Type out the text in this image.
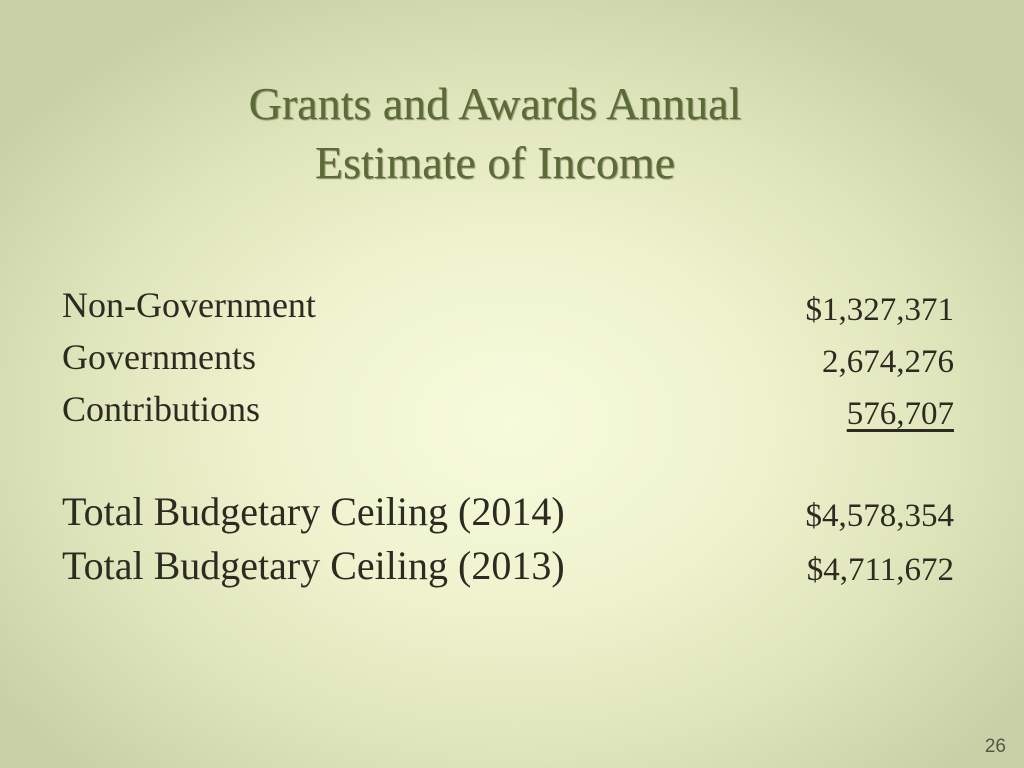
Grants and Awards Annual
Estimate of Income
Non-Government	$1,327,371
Governments	2,674,276
Contributions	576,707
Total Budgetary Ceiling (2014)	$4,578,354
Total Budgetary Ceiling (2013)	$4,711,672
26
